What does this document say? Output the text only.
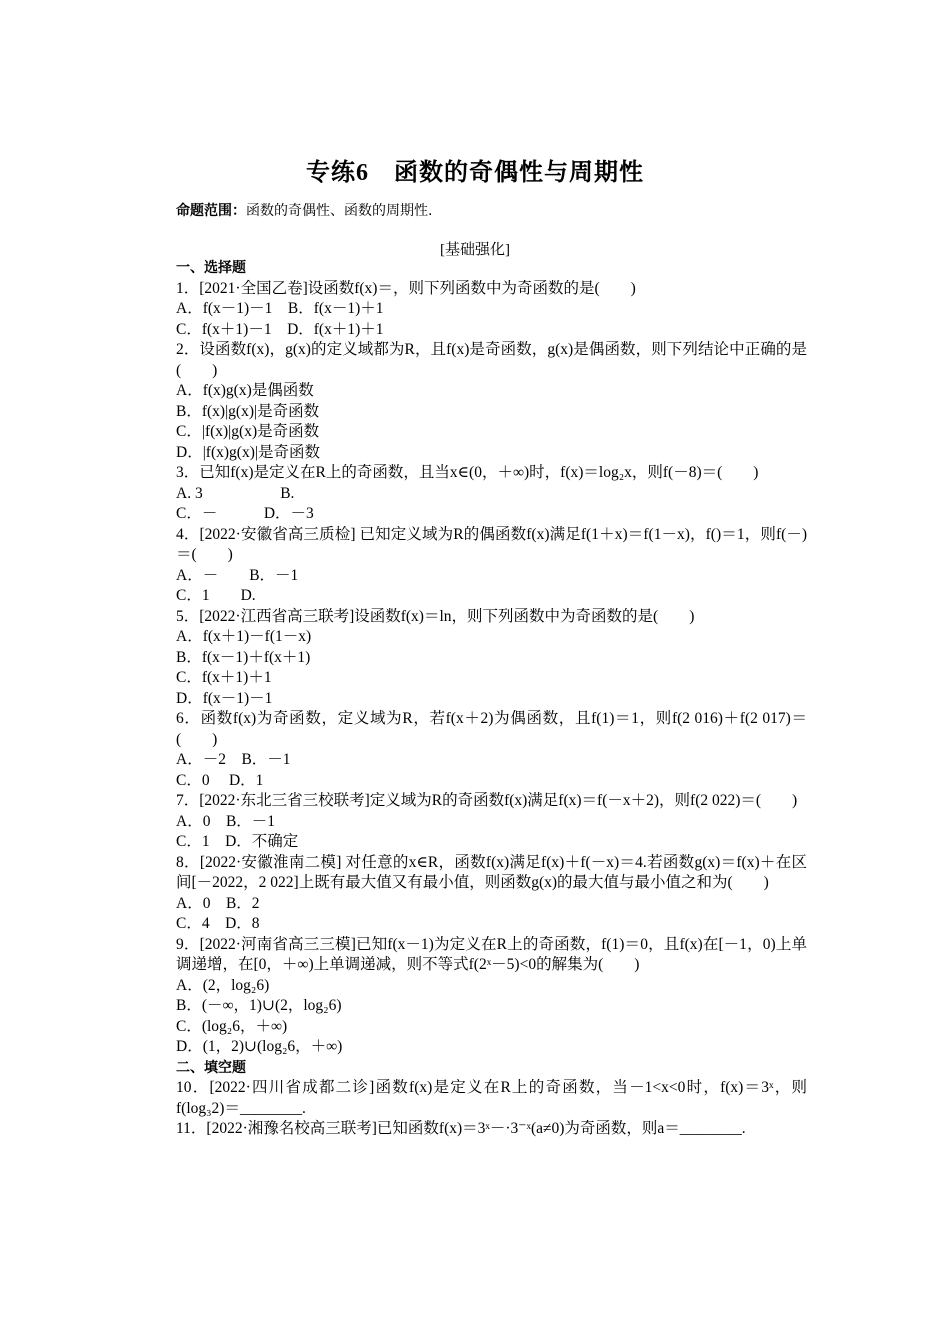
专练6　函数的奇偶性与周期性
命题范围：函数的奇偶性、函数的周期性.
[基础强化]
一、选择题
1．[2021·全国乙卷]设函数f(x)＝，则下列函数中为奇函数的是(　　)
A．f(x－1)－1　B．f(x－1)＋1
C．f(x＋1)－1　D．f(x＋1)＋1
2．设函数f(x)，g(x)的定义域都为R，且f(x)是奇函数，g(x)是偶函数，则下列结论中正确的是(　　)
A．f(x)g(x)是偶函数
B．f(x)|g(x)|是奇函数
C．|f(x)|g(x)是奇函数
D．|f(x)g(x)|是奇函数
3．已知f(x)是定义在R上的奇函数，且当x∈(0，＋∞)时，f(x)＝log₂x，则f(－8)＝(　　)
A. 3　　　　　B.
C．－　　　D．－3
4．[2022·安徽省高三质检] 已知定义域为R的偶函数f(x)满足f(1＋x)＝f(1－x)，f()＝1，则f(－)＝(　　)
A．－　　B．－1
C．1　　D.
5．[2022·江西省高三联考]设函数f(x)＝ln，则下列函数中为奇函数的是(　　)
A．f(x＋1)－f(1－x)
B．f(x－1)＋f(x＋1)
C．f(x＋1)＋1
D．f(x－1)－1
6．函数f(x)为奇函数，定义域为R，若f(x＋2)为偶函数，且f(1)＝1，则f(2 016)＋f(2 017)＝(　　)
A．－2　B．－1
C．0　 D．1
7．[2022·东北三省三校联考]定义域为R的奇函数f(x)满足f(x)＝f(－x＋2)，则f(2 022)＝(　　)
A．0　B．－1
C．1　D．不确定
8．[2022·安徽淮南二模] 对任意的x∈R，函数f(x)满足f(x)＋f(－x)＝4.若函数g(x)＝f(x)＋在区间[－2022，2 022]上既有最大值又有最小值，则函数g(x)的最大值与最小值之和为(　　)
A．0　B．2
C．4　D．8
9．[2022·河南省高三三模]已知f(x－1)为定义在R上的奇函数，f(1)＝0，且f(x)在[－1，0)上单调递增，在[0，＋∞)上单调递减，则不等式f(2ˣ－5)<0的解集为(　　)
A．(2，log₂6)
B．(－∞，1)∪(2，log₂6)
C．(log₂6，＋∞)
D．(1，2)∪(log₂6，＋∞)
二、填空题
10．[2022·四川省成都二诊]函数f(x)是定义在R上的奇函数，当－1<x<0时，f(x)＝3ˣ，则f(log₃2)＝________.
11．[2022·湘豫名校高三联考]已知函数f(x)＝3ˣ－·3⁻ˣ(a≠0)为奇函数，则a＝________.
